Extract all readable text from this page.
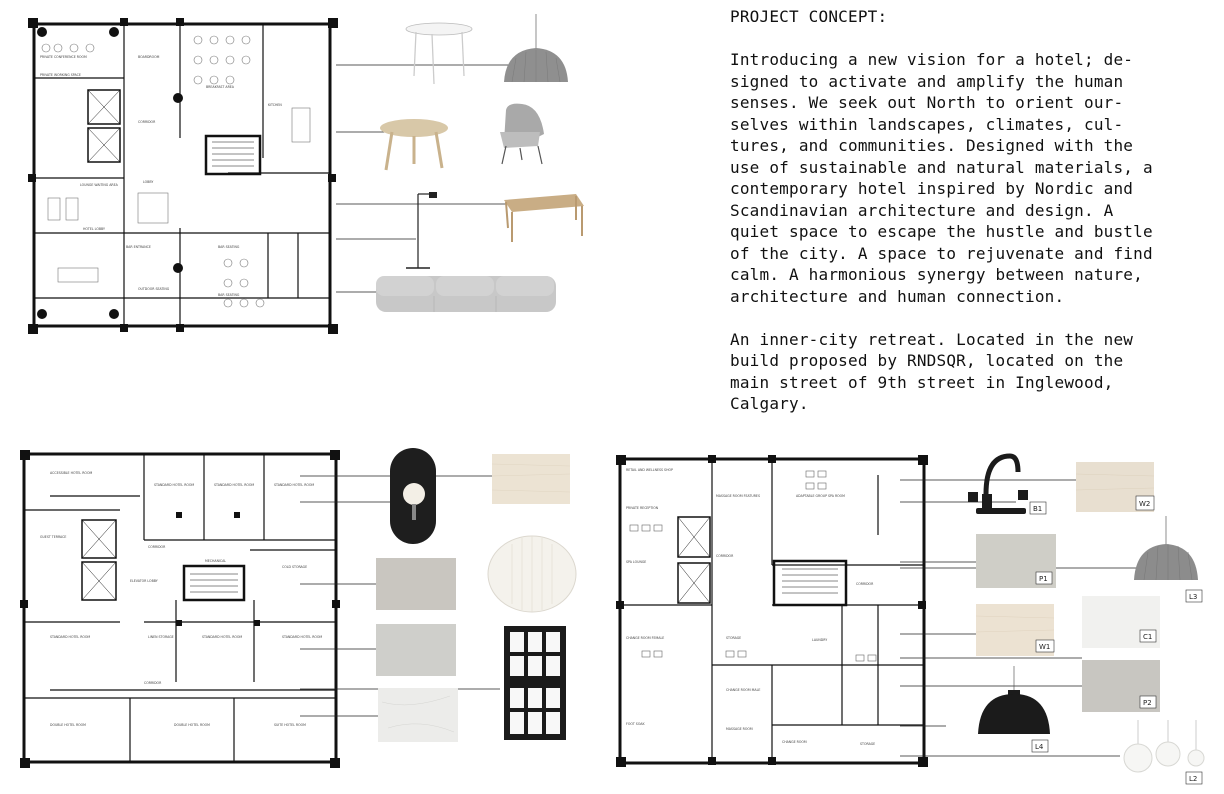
PROJECT CONCEPT:

Introducing a new vision for a hotel; de-
signed to activate and amplify the human
senses. We seek out North to orient our-
selves within landscapes, climates, cul-
tures, and communities. Designed with the
use of sustainable and natural materials, a
contemporary hotel inspired by Nordic and
Scandinavian architecture and design. A
quiet space to escape the hustle and bustle
of the city. A space to rejuvenate and find
calm. A harmonious synergy between nature,
architecture and human connection.

An inner-city retreat. Located in the new
build proposed by RNDSQR, located on the
main street of 9th street in Inglewood,
Calgary.

PRIVATE CONFERENCE ROOM
PRIVATE WORKING SPACE
BOARDROOM
BREAKFAST AREA
KITCHEN
CORRIDOR
LOUNGE WAITING AREA
LOBBY
HOTEL LOBBY
BAR ENTRANCE	BAR SEATING
OUTDOOR SEATING
BAR SEATING
ACCESSIBLE HOTEL ROOM
STANDARD HOTEL ROOM	STANDARD HOTEL ROOM	STANDARD HOTEL ROOM
GUEST TERRACE
CORRIDOR
MECHANICAL
ELEVATOR LOBBY
COLD STORAGE
STANDARD HOTEL ROOM	LINEN STORAGE	STANDARD HOTEL ROOM	STANDARD HOTEL ROOM
CORRIDOR
DOUBLE HOTEL ROOM	DOUBLE HOTEL ROOM	SUITE HOTEL ROOM
RETAIL AND WELLNESS SHOP
PRIVATE RECEPTION
MASSAGE ROOM FEATURES	ADAPTABLE GROUP SPA ROOM
CORRIDOR
SPA LOUNGE
CORRIDOR
CHANGE ROOM FEMALE	STORAGE	LAUNDRY
CHANGE ROOM MALE
FOOT SOAK
MASSAGE ROOM
CHANGE ROOM	STORAGE
B1
W2
P1
L3
C1
W1
P2
L4
L2
